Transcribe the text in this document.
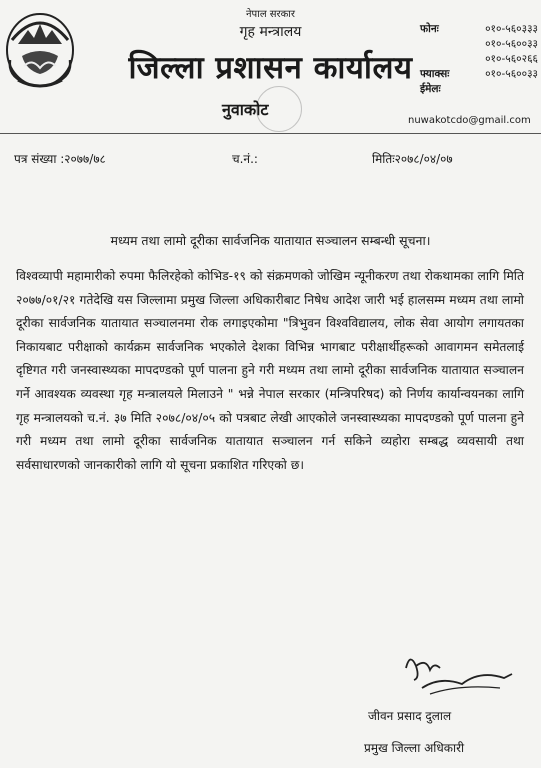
नेपाल सरकार
गृह मन्त्रालय
जिल्ला प्रशासन कार्यालय
नुवाकोट
फोनः	०१०-५६०३३३
०१०-५६००३३
०१०-५६०२६६
फ्याक्सः	०१०-५६००३३
ईमेलः
nuwakotcdo@gmail.com
पत्र संख्या :२०७७/७८	च.नं.:	मितिः२०७८/०४/०७
मध्यम तथा लामो दूरीका सार्वजनिक यातायात सञ्चालन सम्बन्धी सूचना।
विश्वव्यापी महामारीको रुपमा फैलिरहेको कोभिड-१९ को संक्रमणको जोखिम न्यूनीकरण तथा रोकथामका लागि मिति २०७७/०१/२१ गतेदेखि यस जिल्लामा प्रमुख जिल्ला अधिकारीबाट निषेध आदेश जारी भई हालसम्म मध्यम तथा लामो दूरीका सार्वजनिक यातायात सञ्चालनमा रोक लगाइएकोमा "त्रिभुवन विश्वविद्यालय, लोक सेवा आयोग लगायतका निकायबाट परीक्षाको कार्यक्रम सार्वजनिक भएकोले देशका विभिन्न भागबाट परीक्षार्थीहरूको आवागमन समेतलाई दृष्टिगत गरी जनस्वास्थ्यका मापदण्डको पूर्ण पालना हुने गरी मध्यम तथा लामो दूरीका सार्वजनिक यातायात सञ्चालन गर्ने आवश्यक व्यवस्था गृह मन्त्रालयले मिलाउने " भन्ने नेपाल सरकार (मन्त्रिपरिषद) को निर्णय कार्यान्वयनका लागि गृह मन्त्रालयको च.नं. ३७ मिति २०७८/०४/०५ को पत्रबाट लेखी आएकोले जनस्वास्थ्यका मापदण्डको पूर्ण पालना हुने गरी मध्यम तथा लामो दूरीका सार्वजनिक यातायात सञ्चालन गर्न सकिने व्यहोरा सम्बद्ध व्यवसायी तथा सर्वसाधारणको जानकारीको लागि यो सूचना प्रकाशित गरिएको छ।
जीवन प्रसाद दुलाल
प्रमुख जिल्ला अधिकारी
